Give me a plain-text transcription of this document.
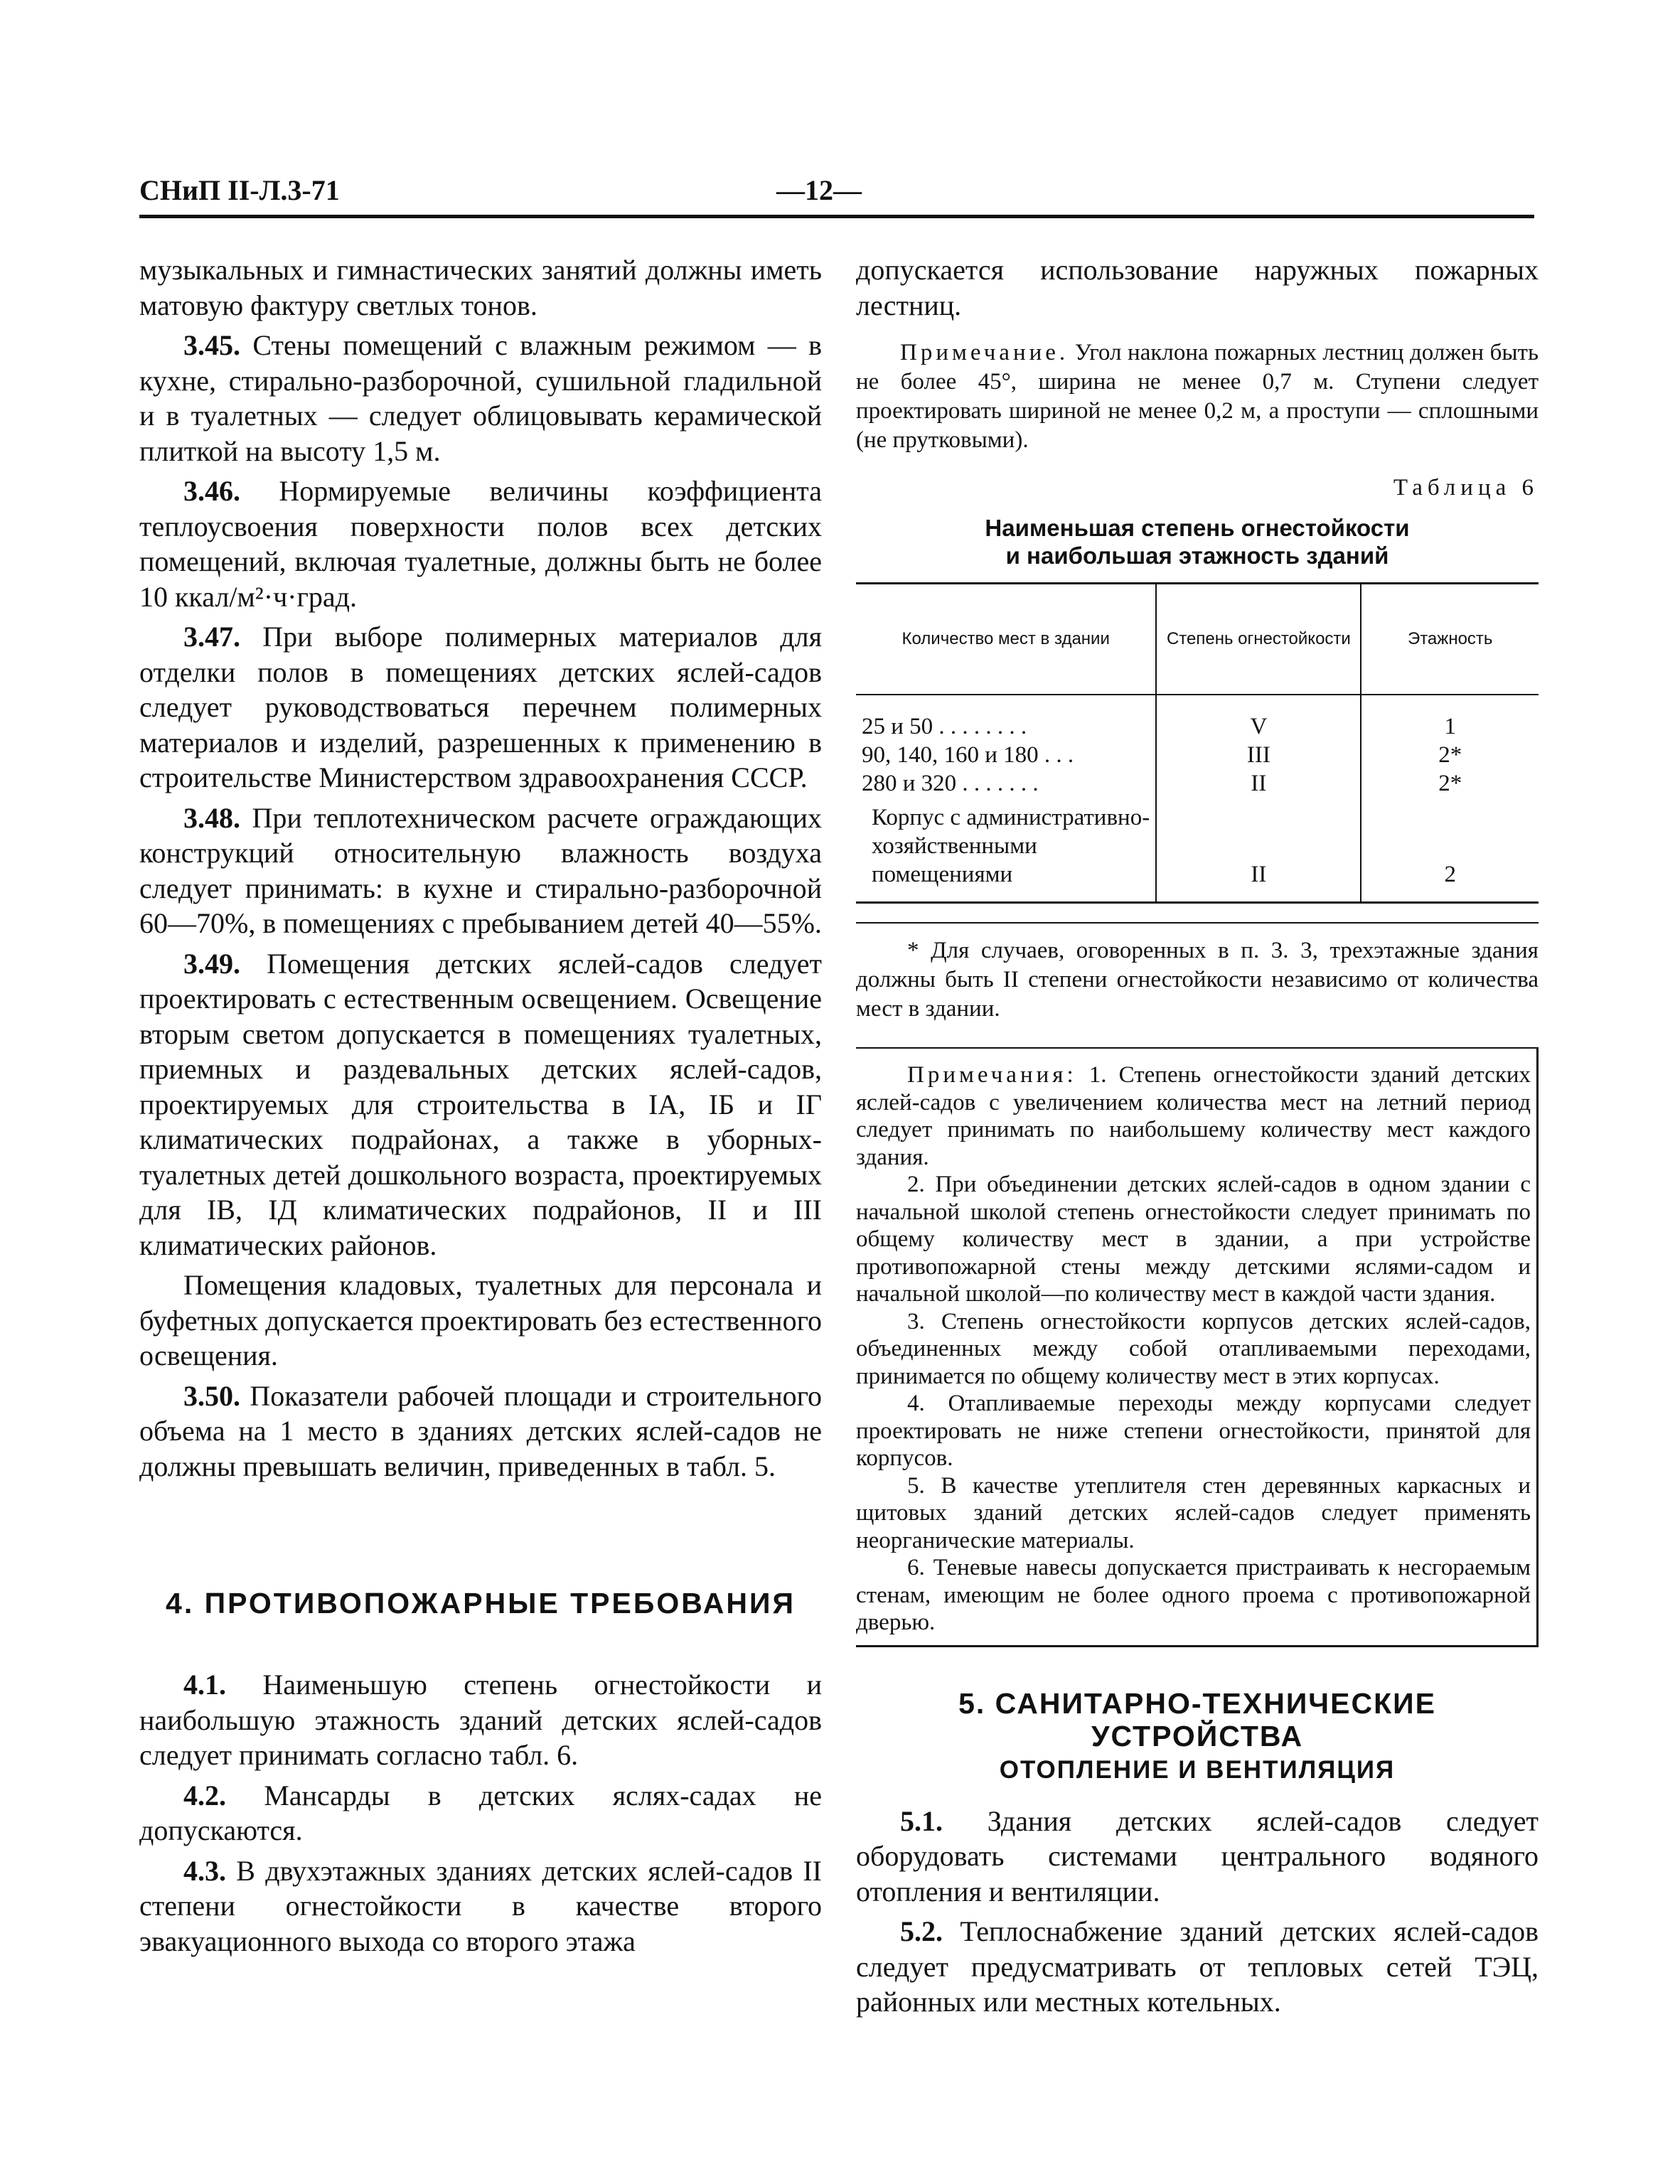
СНиП II-Л.3-71	—12—

музыкальных и гимнастических занятий должны иметь матовую фактуру светлых тонов.

3.45. Стены помещений с влажным режимом — в кухне, стирально-разборочной, сушильной гладильной и в туалетных — следует облицовывать керамической плиткой на высоту 1,5 м.

3.46. Нормируемые величины коэффициента теплоусвоения поверхности полов всех детских помещений, включая туалетные, должны быть не более 10 ккал/м²·ч·град.

3.47. При выборе полимерных материалов для отделки полов в помещениях детских яслей-садов следует руководствоваться перечнем полимерных материалов и изделий, разрешенных к применению в строительстве Министерством здравоохранения СССР.

3.48. При теплотехническом расчете ограждающих конструкций относительную влажность воздуха следует принимать: в кухне и стирально-разборочной 60—70%, в помещениях с пребыванием детей 40—55%.

3.49. Помещения детских яслей-садов следует проектировать с естественным освещением. Освещение вторым светом допускается в помещениях туалетных, приемных и раздевальных детских яслей-садов, проектируемых для строительства в IА, IБ и IГ климатических подрайонах, а также в уборных-туалетных детей дошкольного возраста, проектируемых для IВ, IД климатических подрайонов, II и III климатических районов.

Помещения кладовых, туалетных для персонала и буфетных допускается проектировать без естественного освещения.

3.50. Показатели рабочей площади и строительного объема на 1 место в зданиях детских яслей-садов не должны превышать величин, приведенных в табл. 5.

4. ПРОТИВОПОЖАРНЫЕ ТРЕБОВАНИЯ

4.1. Наименьшую степень огнестойкости и наибольшую этажность зданий детских яслей-садов следует принимать согласно табл. 6.

4.2. Мансарды в детских яслях-садах не допускаются.

4.3. В двухэтажных зданиях детских яслей-садов II степени огнестойкости в качестве второго эвакуационного выхода со второго этажа

допускается использование наружных пожарных лестниц.

Примечание. Угол наклона пожарных лестниц должен быть не более 45°, ширина не менее 0,7 м. Ступени следует проектировать шириной не менее 0,2 м, а проступи — сплошными (не прутковыми).

Таблица 6
Наименьшая степень огнестойкости
и наибольшая этажность зданий
Количество мест в здании	Степень огнестойкости	Этажность
25 и 50 . . . . . . . .	V	1
90, 140, 160 и 180 . . .	III	2*
280 и 320 . . . . . . .	II	2*
Корпус с административно-хозяйственными помещениями	II	2

* Для случаев, оговоренных в п. 3. 3, трехэтажные здания должны быть II степени огнестойкости независимо от количества мест в здании.

Примечания: 1. Степень огнестойкости зданий детских яслей-садов с увеличением количества мест на летний период следует принимать по наибольшему количеству мест каждого здания.

2. При объединении детских яслей-садов в одном здании с начальной школой степень огнестойкости следует принимать по общему количеству мест в здании, а при устройстве противопожарной стены между детскими яслями-садом и начальной школой—по количеству мест в каждой части здания.

3. Степень огнестойкости корпусов детских яслей-садов, объединенных между собой отапливаемыми переходами, принимается по общему количеству мест в этих корпусах.

4. Отапливаемые переходы между корпусами следует проектировать не ниже степени огнестойкости, принятой для корпусов.

5. В качестве утеплителя стен деревянных каркасных и щитовых зданий детских яслей-садов следует применять неорганические материалы.

6. Теневые навесы допускается пристраивать к несгораемым стенам, имеющим не более одного проема с противопожарной дверью.

5. САНИТАРНО-ТЕХНИЧЕСКИЕ
УСТРОЙСТВА
ОТОПЛЕНИЕ И ВЕНТИЛЯЦИЯ

5.1. Здания детских яслей-садов следует оборудовать системами центрального водяного отопления и вентиляции.

5.2. Теплоснабжение зданий детских яслей-садов следует предусматривать от тепловых сетей ТЭЦ, районных или местных котельных.
